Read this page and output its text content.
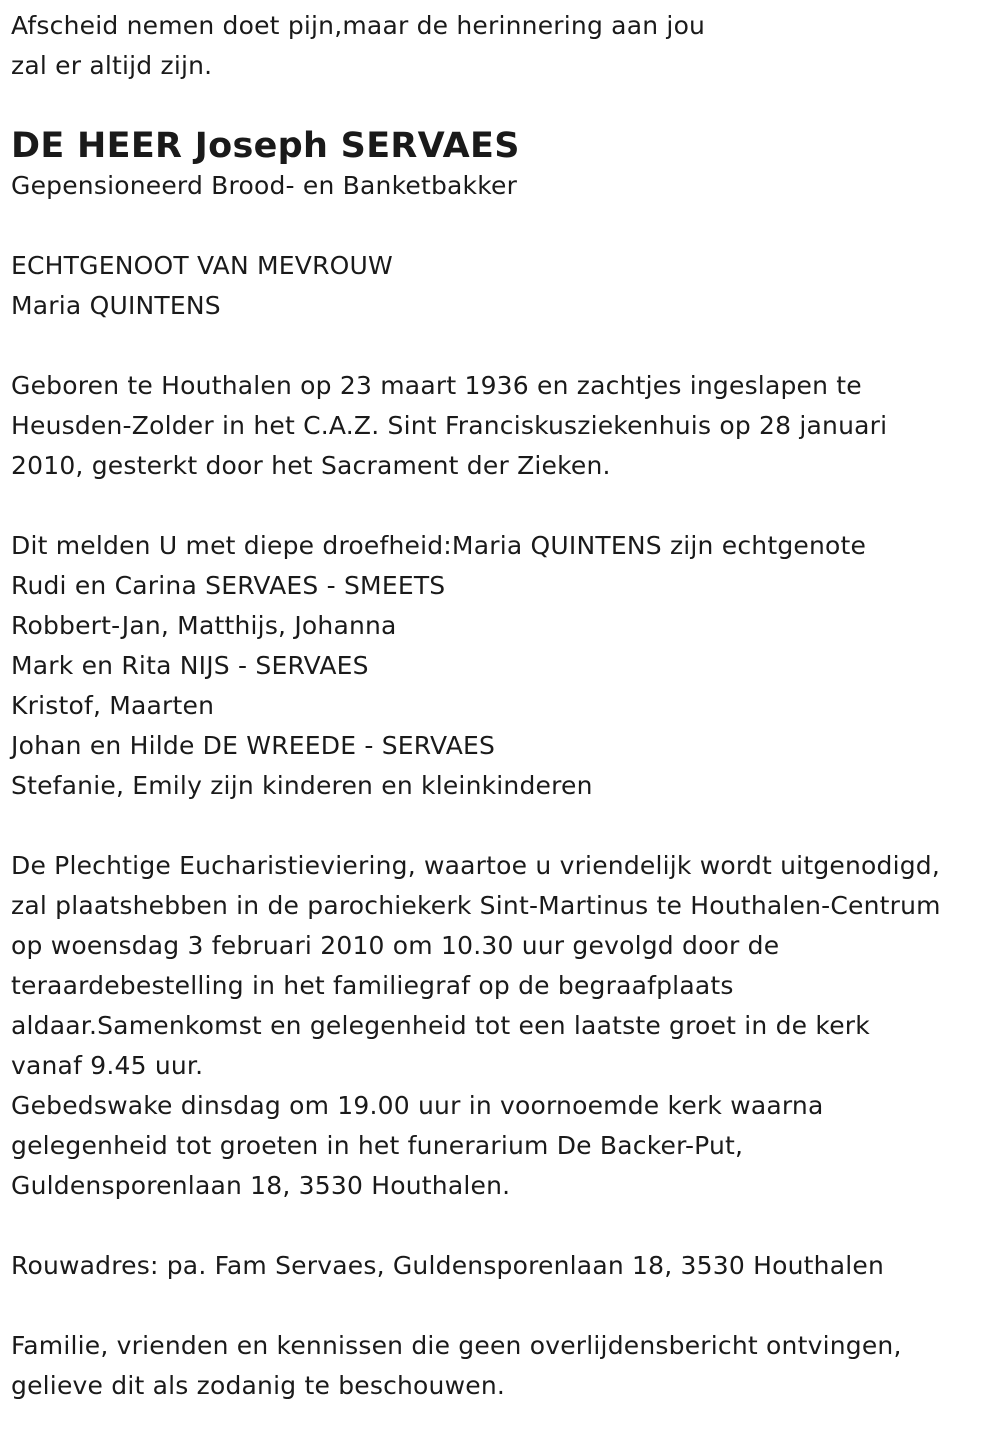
Afscheid nemen doet pijn,maar de herinnering aan jou
zal er altijd zijn.
DE HEER Joseph SERVAES
Gepensioneerd Brood- en Banketbakker
ECHTGENOOT VAN MEVROUW
Maria QUINTENS
Geboren te Houthalen op 23 maart 1936 en zachtjes ingeslapen te
Heusden-Zolder in het C.A.Z. Sint Franciskusziekenhuis op 28 januari
2010, gesterkt door het Sacrament der Zieken.
Dit melden U met diepe droefheid:Maria QUINTENS zijn echtgenote
Rudi en Carina SERVAES - SMEETS
Robbert-Jan, Matthijs, Johanna
Mark en Rita NIJS - SERVAES
Kristof, Maarten
Johan en Hilde DE WREEDE - SERVAES
Stefanie, Emily zijn kinderen en kleinkinderen
De Plechtige Eucharistieviering, waartoe u vriendelijk wordt uitgenodigd,
zal plaatshebben in de parochiekerk Sint-Martinus te Houthalen-Centrum
op woensdag 3 februari 2010 om 10.30 uur gevolgd door de
teraardebestelling in het familiegraf op de begraafplaats
aldaar.Samenkomst en gelegenheid tot een laatste groet in de kerk
vanaf 9.45 uur.
Gebedswake dinsdag om 19.00 uur in voornoemde kerk waarna
gelegenheid tot groeten in het funerarium De Backer-Put,
Guldensporenlaan 18, 3530 Houthalen.
Rouwadres: pa. Fam Servaes, Guldensporenlaan 18, 3530 Houthalen
Familie, vrienden en kennissen die geen overlijdensbericht ontvingen,
gelieve dit als zodanig te beschouwen.
